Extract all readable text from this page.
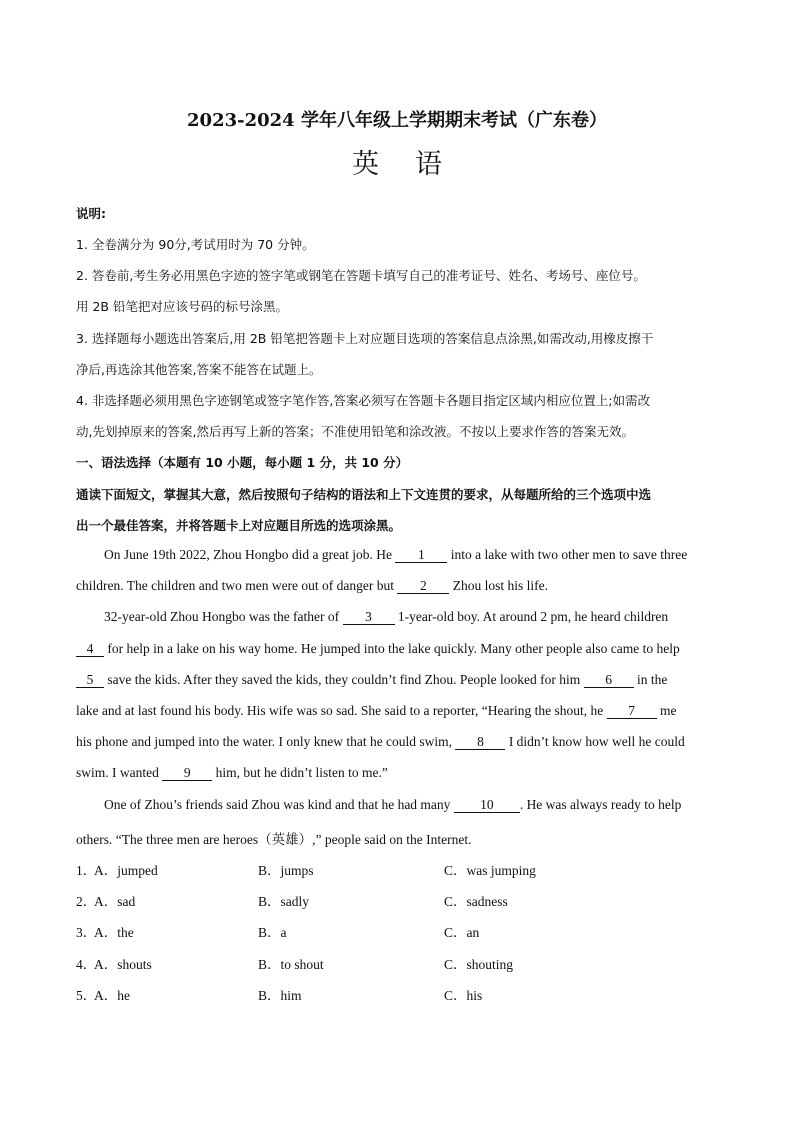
2023-2024 学年八年级上学期期末考试（广东卷）
英语
说明:
1. 全卷满分为 90分,考试用时为 70 分钟。
2. 答卷前,考生务必用黑色字迹的签字笔或钢笔在答题卡填写自己的准考证号、姓名、考场号、座位号。
用 2B 铅笔把对应该号码的标号涂黑。
3. 选择题每小题选出答案后,用 2B 铅笔把答题卡上对应题目选项的答案信息点涂黑,如需改动,用橡皮擦干
净后,再选涂其他答案,答案不能答在试题上。
4. 非选择题必须用黑色字迹钢笔或签字笔作答,答案必须写在答题卡各题目指定区域内相应位置上;如需改
动,先划掉原来的答案,然后再写上新的答案；不准使用铅笔和涂改液。不按以上要求作答的答案无效。
一、语法选择（本题有 10 小题，每小题 1 分，共 10 分）
通读下面短文，掌握其大意，然后按照句子结构的语法和上下文连贯的要求，从每题所给的三个选项中选
出一个最佳答案，并将答题卡上对应题目所选的选项涂黑。
On June 19th 2022, Zhou Hongbo did a great job. He 1 into a lake with two other men to save three
children. The children and two men were out of danger but 2 Zhou lost his life.
32-year-old Zhou Hongbo was the father of 3 1-year-old boy. At around 2 pm, he heard children
4 for help in a lake on his way home. He jumped into the lake quickly. Many other people also came to help
5 save the kids. After they saved the kids, they couldn’t find Zhou. People looked for him 6 in the
lake and at last found his body. His wife was so sad. She said to a reporter, “Hearing the shout, he 7 me
his phone and jumped into the water. I only knew that he could swim, 8 I didn’t know how well he could
swim. I wanted 9 him, but he didn’t listen to me.”
One of Zhou’s friends said Zhou was kind and that he had many 10 . He was always ready to help
others. “The three men are heroes（英雄）,” people said on the Internet.
1．
A．jumped	B．jumps	C．was jumping
2．
A．sad	B．sadly	C．sadness
3．
A．the	B．a	C．an
4．
A．shouts	B．to shout	C．shouting
5．
A．he	B．him	C．his
